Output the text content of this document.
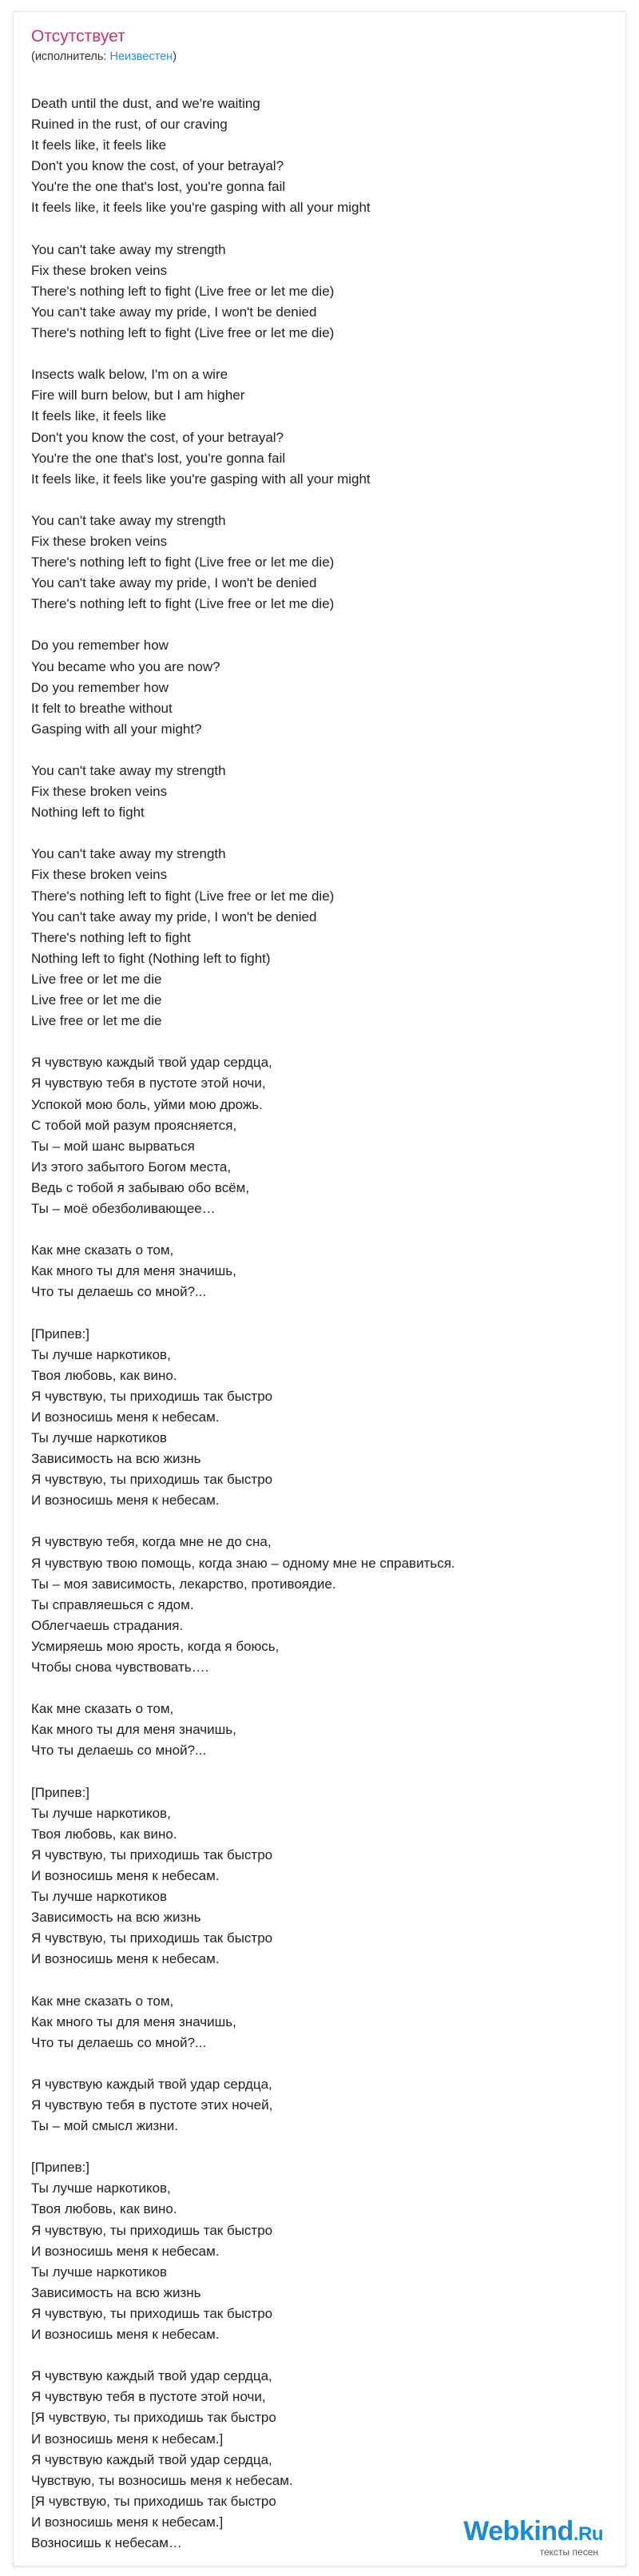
Отсутствует
(исполнитель: Неизвестен)
Death until the dust, and we're waiting
Ruined in the rust, of our craving
It feels like, it feels like
Don't you know the cost, of your betrayal?
You're the one that's lost, you're gonna fail
It feels like, it feels like you're gasping with all your might

You can't take away my strength
Fix these broken veins
There's nothing left to fight (Live free or let me die)
You can't take away my pride, I won't be denied
There's nothing left to fight (Live free or let me die)

Insects walk below, I'm on a wire
Fire will burn below, but I am higher
It feels like, it feels like
Don't you know the cost, of your betrayal?
You're the one that's lost, you're gonna fail
It feels like, it feels like you're gasping with all your might

You can't take away my strength
Fix these broken veins
There's nothing left to fight (Live free or let me die)
You can't take away my pride, I won't be denied
There's nothing left to fight (Live free or let me die)

Do you remember how
You became who you are now?
Do you remember how
It felt to breathe without
Gasping with all your might?

You can't take away my strength
Fix these broken veins
Nothing left to fight

You can't take away my strength
Fix these broken veins
There's nothing left to fight (Live free or let me die)
You can't take away my pride, I won't be denied
There's nothing left to fight
Nothing left to fight (Nothing left to fight)
Live free or let me die
Live free or let me die
Live free or let me die

Я чувствую каждый твой удар сердца,
Я чувствую тебя в пустоте этой ночи,
Успокой мою боль, уйми мою дрожь.
С тобой мой разум проясняется,
Ты – мой шанс вырваться
Из этого забытого Богом места,
Ведь с тобой я забываю обо всём,
Ты – моё обезболивающее…

Как мне сказать о том,
Как много ты для меня значишь,
Что ты делаешь со мной?...

[Припев:]
Ты лучше наркотиков,
Твоя любовь, как вино.
Я чувствую, ты приходишь так быстро
И возносишь меня к небесам.
Ты лучше наркотиков
Зависимость на всю жизнь
Я чувствую, ты приходишь так быстро
И возносишь меня к небесам.

Я чувствую тебя, когда мне не до сна,
Я чувствую твою помощь, когда знаю – одному мне не справиться.
Ты – моя зависимость, лекарство, противоядие.
Ты справляешься с ядом.
Облегчаешь страдания.
Усмиряешь мою ярость, когда я боюсь,
Чтобы снова чувствовать….

Как мне сказать о том,
Как много ты для меня значишь,
Что ты делаешь со мной?...

[Припев:]
Ты лучше наркотиков,
Твоя любовь, как вино.
Я чувствую, ты приходишь так быстро
И возносишь меня к небесам.
Ты лучше наркотиков
Зависимость на всю жизнь
Я чувствую, ты приходишь так быстро
И возносишь меня к небесам.

Как мне сказать о том,
Как много ты для меня значишь,
Что ты делаешь со мной?...

Я чувствую каждый твой удар сердца,
Я чувствую тебя в пустоте этих ночей,
Ты – мой смысл жизни.

[Припев:]
Ты лучше наркотиков,
Твоя любовь, как вино.
Я чувствую, ты приходишь так быстро
И возносишь меня к небесам.
Ты лучше наркотиков
Зависимость на всю жизнь
Я чувствую, ты приходишь так быстро
И возносишь меня к небесам.

Я чувствую каждый твой удар сердца,
Я чувствую тебя в пустоте этой ночи,
[Я чувствую, ты приходишь так быстро
И возносишь меня к небесам.]
Я чувствую каждый твой удар сердца,
Чувствую, ты возносишь меня к небесам.
[Я чувствую, ты приходишь так быстро
И возносишь меня к небесам.]
Возносишь к небесам…	Webkind.Ru
тексты песен
